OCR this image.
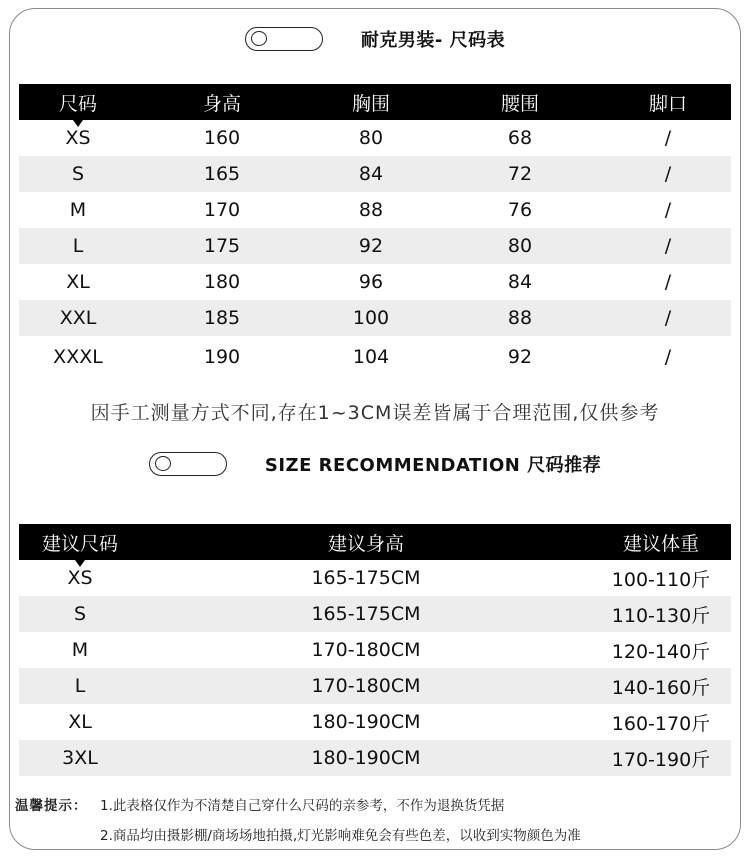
耐克男装- 尺码表
尺码	身高	胸围	腰围	脚口

XS	160	80	68	/
S	165	84	72	/
M	170	88	76	/
L	175	92	80	/
XL	180	96	84	/
XXL	185	100	88	/
XXXL	190	104	92	/
因手工测量方式不同,存在1~3CM误差皆属于合理范围,仅供参考
SIZE RECOMMENDATION 尺码推荐
建议尺码	建议身高	建议体重

XS	165-175CM	100-110斤
S	165-175CM	110-130斤
M	170-180CM	120-140斤
L	170-180CM	140-160斤
XL	180-190CM	160-170斤
3XL	180-190CM	170-190斤
温馨提示： 1.此表格仅作为不清楚自己穿什么尺码的亲参考，不作为退换货凭据
2.商品均由摄影棚/商场场地拍摄,灯光影响难免会有些色差，以收到实物颜色为准
